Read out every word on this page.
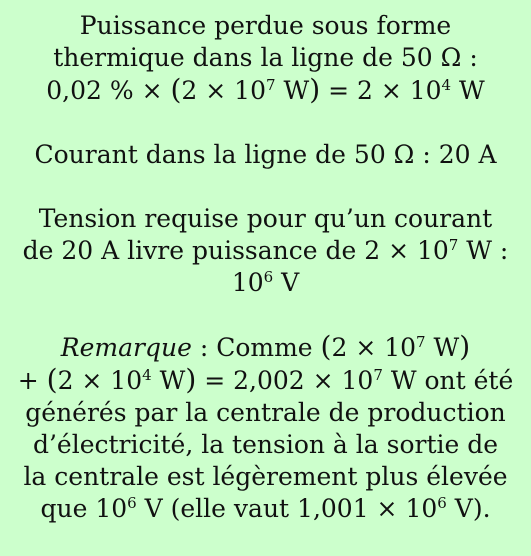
Puissance perdue sous forme
thermique dans la ligne de 50 Ω :
0,02 % × ($2 \times 10^7$ $W) = 2 \times 10^4$ W
Courant dans la ligne de 50 Ω : 20 A
Tension requise pour qu’un courant
de 20 A livre puissance de $2 \times 10^7$ W :
$10^6$ V
Remarque : Comme ($2 \times 10^7$ W)
+ ($2 \times 10^4$ $W) = 2,002 \times 10^7$ W ont été
générés par la centrale de production
d’électricité, la tension à la sortie de
la centrale est légèrement plus élevée
que $10^6$ V (elle vaut $1,001 \times 10^6$ V).
